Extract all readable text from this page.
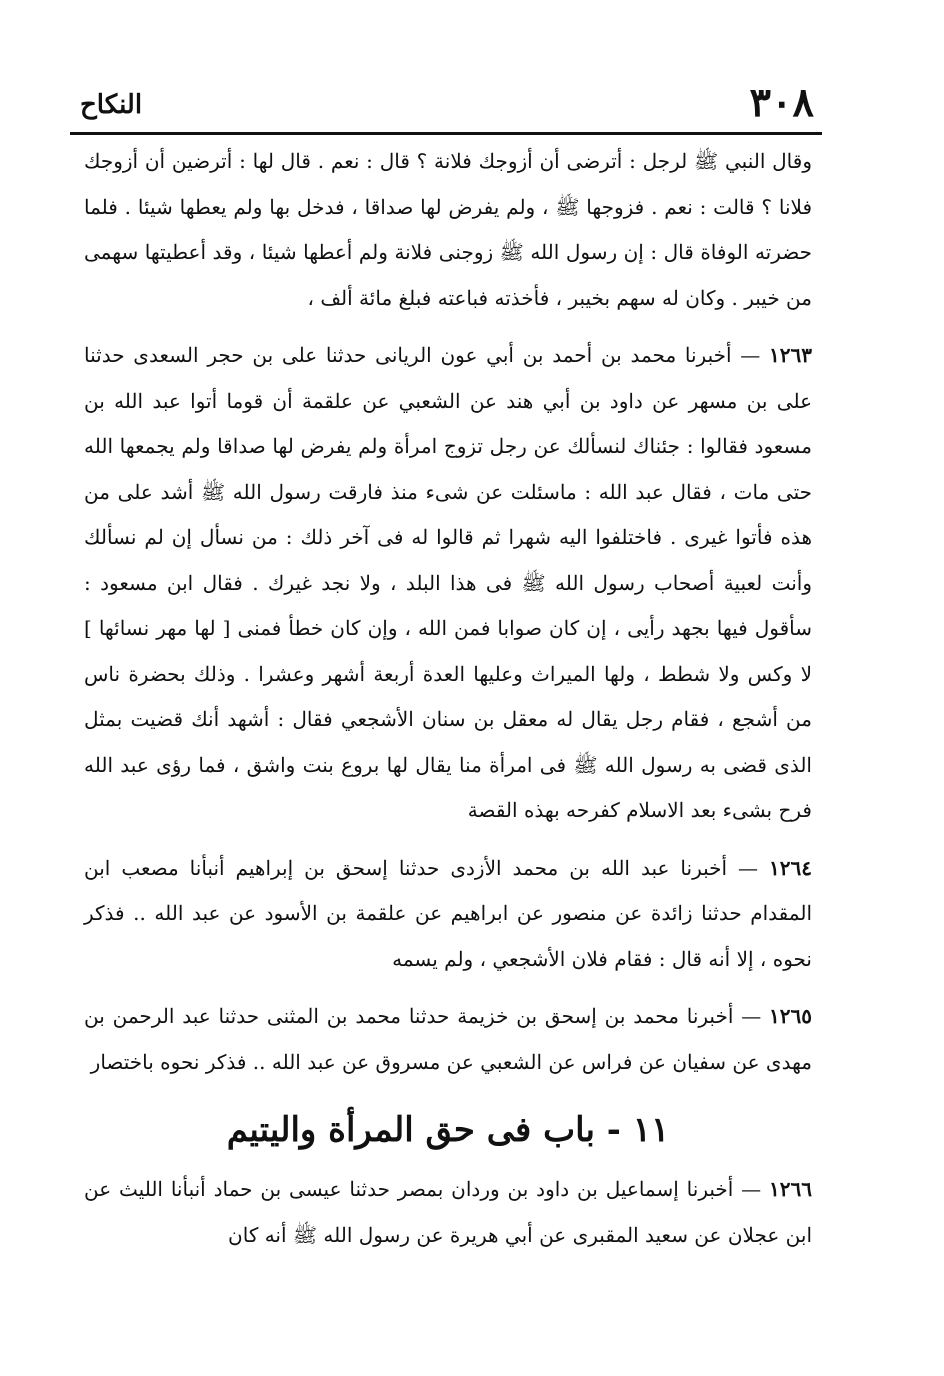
٣٠٨
النكاح

وقال النبي ﷺ لرجل : أترضى أن أزوجك فلانة ؟ قال : نعم . قال لها : أترضين أن أزوجك فلانا ؟ قالت : نعم . فزوجها ﷺ ، ولم يفرض لها صداقا ، فدخل بها ولم يعطها شيئا . فلما حضرته الوفاة قال : إن رسول الله ﷺ زوجنى فلانة ولم أعطها شيئا ، وقد أعطيتها سهمى من خيبر . وكان له سهم بخيبر ، فأخذته فباعته فبلغ مائة ألف ،

١٢٦٣ — أخبرنا محمد بن أحمد بن أبي عون الريانى حدثنا على بن حجر السعدى حدثنا على بن مسهر عن داود بن أبي هند عن الشعبي عن علقمة أن قوما أتوا عبد الله بن مسعود فقالوا : جئناك لنسألك عن رجل تزوج امرأة ولم يفرض لها صداقا ولم يجمعها الله حتى مات ، فقال عبد الله : ماسئلت عن شىء منذ فارقت رسول الله ﷺ أشد على من هذه فأتوا غيرى . فاختلفوا اليه شهرا ثم قالوا له فى آخر ذلك : من نسأل إن لم نسألك وأنت لعبية أصحاب رسول الله ﷺ فى هذا البلد ، ولا نجد غيرك . فقال ابن مسعود : سأقول فيها بجهد رأيى ، إن كان صوابا فمن الله ، وإن كان خطأ فمنى [ لها مهر نسائها ] لا وكس ولا شطط ، ولها الميراث وعليها العدة أربعة أشهر وعشرا . وذلك بحضرة ناس من أشجع ، فقام رجل يقال له معقل بن سنان الأشجعي فقال : أشهد أنك قضيت بمثل الذى قضى به رسول الله ﷺ فى امرأة منا يقال لها بروع بنت واشق ، فما رؤى عبد الله فرح بشىء بعد الاسلام كفرحه بهذه القصة

١٢٦٤ — أخبرنا عبد الله بن محمد الأزدى حدثنا إسحق بن إبراهيم أنبأنا مصعب ابن المقدام حدثنا زائدة عن منصور عن ابراهيم عن علقمة بن الأسود عن عبد الله .. فذكر نحوه ، إلا أنه قال : فقام فلان الأشجعي ، ولم يسمه

١٢٦٥ — أخبرنا محمد بن إسحق بن خزيمة حدثنا محمد بن المثنى حدثنا عبد الرحمن بن مهدى عن سفيان عن فراس عن الشعبي عن مسروق عن عبد الله .. فذكر نحوه باختصار

١١ - باب فى حق المرأة واليتيم

١٢٦٦ — أخبرنا إسماعيل بن داود بن وردان بمصر حدثنا عيسى بن حماد أنبأنا الليث عن ابن عجلان عن سعيد المقبرى عن أبي هريرة عن رسول الله ﷺ أنه كان
